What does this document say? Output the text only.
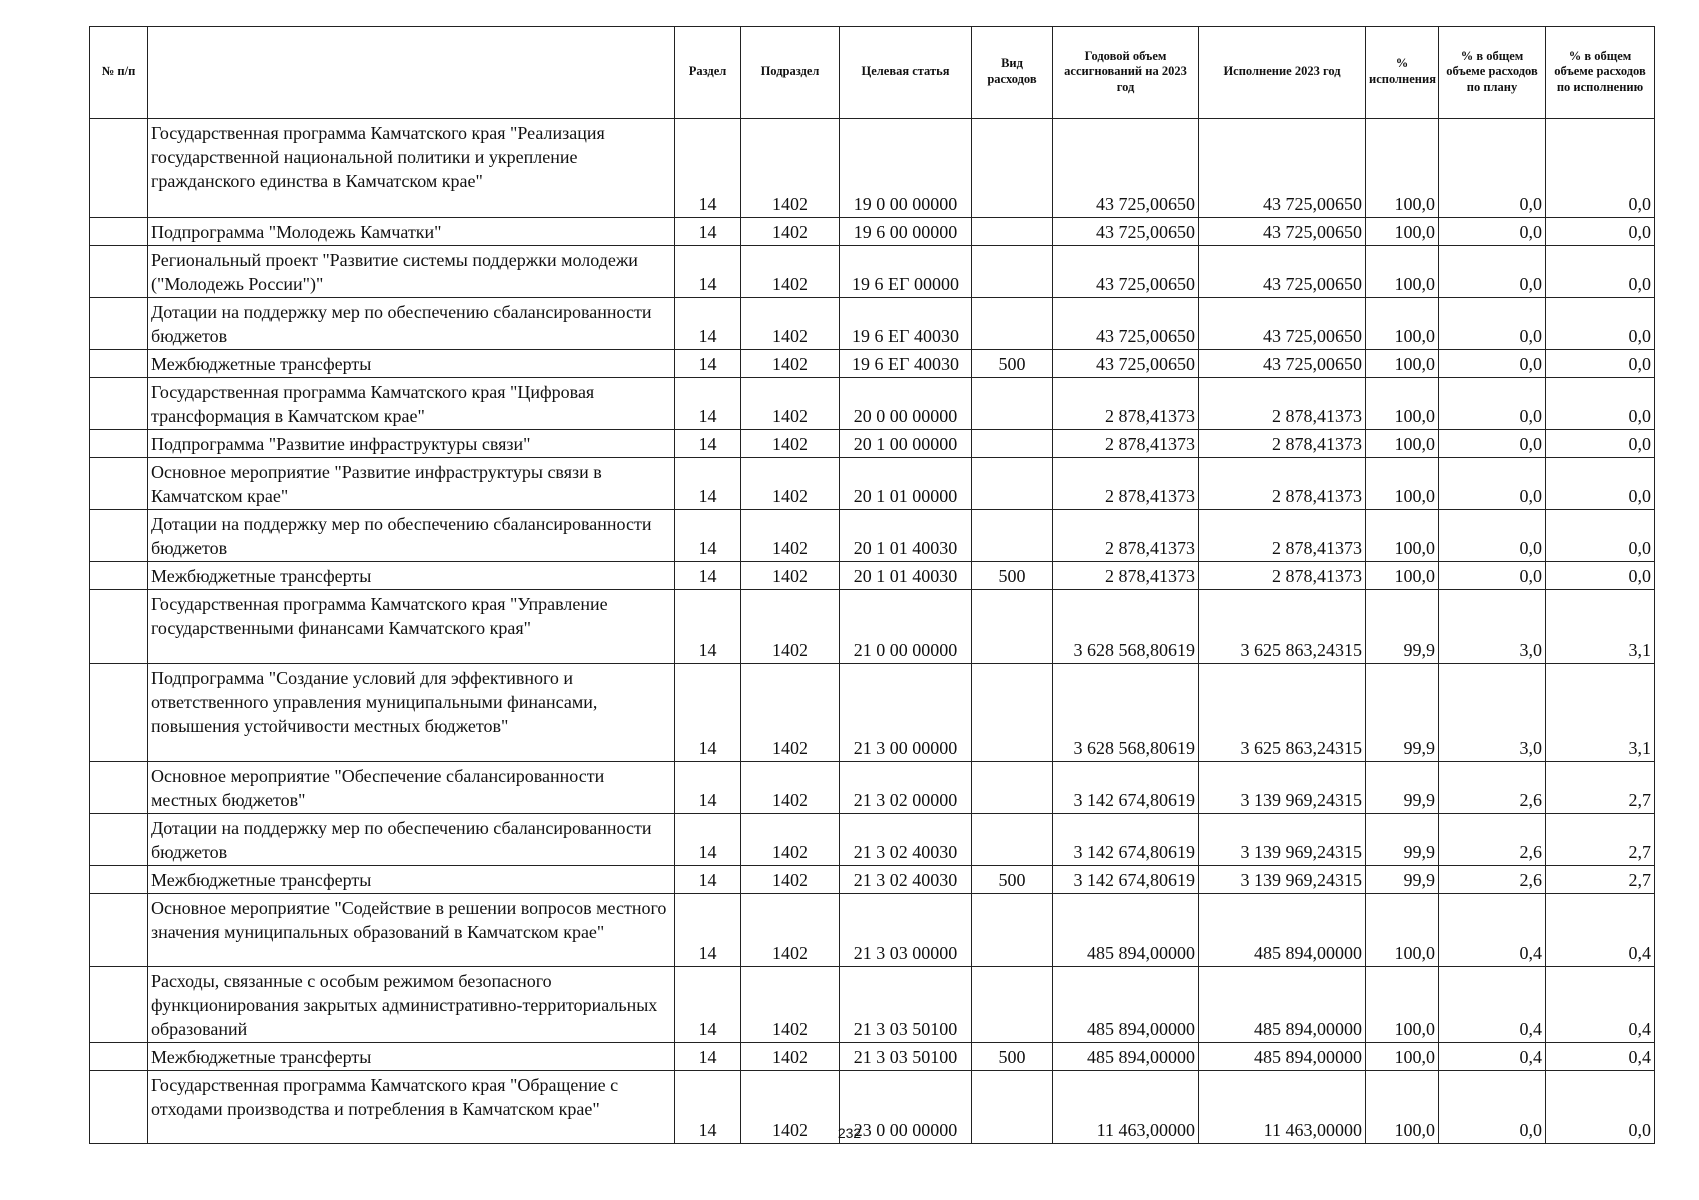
№ п/п		Раздел	Подраздел	Целевая статья	Вид расходов	Годовой объем ассигнований на 2023 год	Исполнение 2023 год	% исполнения	% в общем объеме расходов по плану	% в общем объеме расходов по исполнению
	Государственная программа Камчатского края "Реализация государственной национальной политики и укрепление гражданского единства в Камчатском крае"	14	1402	19 0 00 00000		43 725,00650	43 725,00650	100,0	0,0	0,0
	Подпрограмма "Молодежь Камчатки"	14	1402	19 6 00 00000		43 725,00650	43 725,00650	100,0	0,0	0,0
	Региональный проект "Развитие системы поддержки молодежи ("Молодежь России")"	14	1402	19 6 ЕГ 00000		43 725,00650	43 725,00650	100,0	0,0	0,0
	Дотации на поддержку мер по обеспечению сбалансированности бюджетов	14	1402	19 6 ЕГ 40030		43 725,00650	43 725,00650	100,0	0,0	0,0
	Межбюджетные трансферты	14	1402	19 6 ЕГ 40030	500	43 725,00650	43 725,00650	100,0	0,0	0,0
	Государственная программа Камчатского края "Цифровая трансформация в Камчатском крае"	14	1402	20 0 00 00000		2 878,41373	2 878,41373	100,0	0,0	0,0
	Подпрограмма "Развитие инфраструктуры связи"	14	1402	20 1 00 00000		2 878,41373	2 878,41373	100,0	0,0	0,0
	Основное мероприятие "Развитие инфраструктуры связи в Камчатском крае"	14	1402	20 1 01 00000		2 878,41373	2 878,41373	100,0	0,0	0,0
	Дотации на поддержку мер по обеспечению сбалансированности бюджетов	14	1402	20 1 01 40030		2 878,41373	2 878,41373	100,0	0,0	0,0
	Межбюджетные трансферты	14	1402	20 1 01 40030	500	2 878,41373	2 878,41373	100,0	0,0	0,0
	Государственная программа Камчатского края "Управление государственными финансами Камчатского края"	14	1402	21 0 00 00000		3 628 568,80619	3 625 863,24315	99,9	3,0	3,1
	Подпрограмма "Создание условий для эффективного и ответственного управления муниципальными финансами, повышения устойчивости местных бюджетов"	14	1402	21 3 00 00000		3 628 568,80619	3 625 863,24315	99,9	3,0	3,1
	Основное мероприятие "Обеспечение сбалансированности местных бюджетов"	14	1402	21 3 02 00000		3 142 674,80619	3 139 969,24315	99,9	2,6	2,7
	Дотации на поддержку мер по обеспечению сбалансированности бюджетов	14	1402	21 3 02 40030		3 142 674,80619	3 139 969,24315	99,9	2,6	2,7
	Межбюджетные трансферты	14	1402	21 3 02 40030	500	3 142 674,80619	3 139 969,24315	99,9	2,6	2,7
	Основное мероприятие "Содействие в решении вопросов местного значения муниципальных образований в Камчатском крае"	14	1402	21 3 03 00000		485 894,00000	485 894,00000	100,0	0,4	0,4
	Расходы, связанные с особым режимом безопасного функционирования закрытых административно-территориальных образований	14	1402	21 3 03 50100		485 894,00000	485 894,00000	100,0	0,4	0,4
	Межбюджетные трансферты	14	1402	21 3 03 50100	500	485 894,00000	485 894,00000	100,0	0,4	0,4
	Государственная программа Камчатского края "Обращение с отходами производства и потребления в Камчатском крае"	14	1402	23 0 00 00000		11 463,00000	11 463,00000	100,0	0,0	0,0
232
